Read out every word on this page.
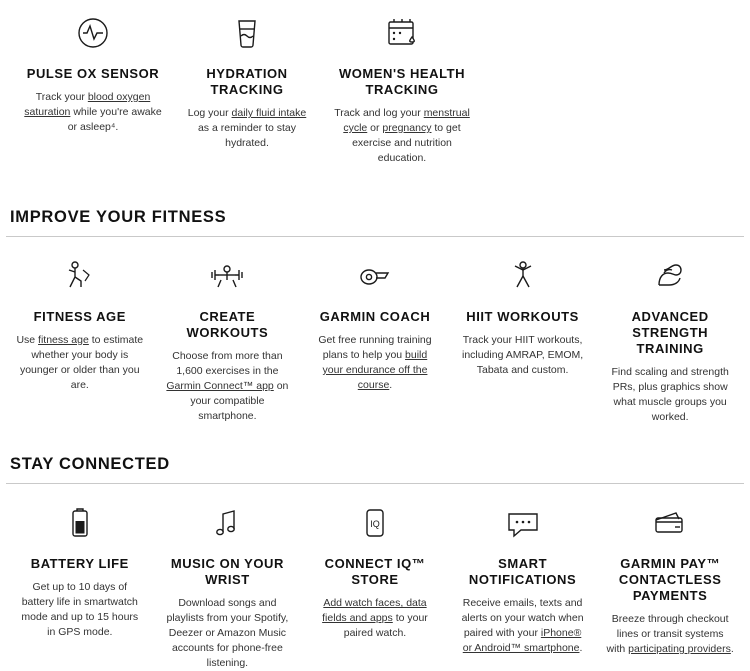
PULSE OX SENSOR
Track your blood oxygen saturation while you're awake or asleep⁴.
HYDRATION TRACKING
Log your daily fluid intake as a reminder to stay hydrated.
WOMEN'S HEALTH TRACKING
Track and log your menstrual cycle or pregnancy to get exercise and nutrition education.
IMPROVE YOUR FITNESS
FITNESS AGE
Use fitness age to estimate whether your body is younger or older than you are.
CREATE WORKOUTS
Choose from more than 1,600 exercises in the Garmin Connect™ app on your compatible smartphone.
GARMIN COACH
Get free running training plans to help you build your endurance off the course.
HIIT WORKOUTS
Track your HIIT workouts, including AMRAP, EMOM, Tabata and custom.
ADVANCED STRENGTH TRAINING
Find scaling and strength PRs, plus graphics show what muscle groups you worked.
STAY CONNECTED
BATTERY LIFE
Get up to 10 days of battery life in smartwatch mode and up to 15 hours in GPS mode.
MUSIC ON YOUR WRIST
Download songs and playlists from your Spotify, Deezer or Amazon Music accounts for phone-free listening.
IQ
CONNECT IQ™ STORE
Add watch faces, data fields and apps to your paired watch.
SMART NOTIFICATIONS
Receive emails, texts and alerts on your watch when paired with your iPhone® or Android™ smartphone.
GARMIN PAY™ CONTACTLESS PAYMENTS
Breeze through checkout lines or transit systems with participating providers.
